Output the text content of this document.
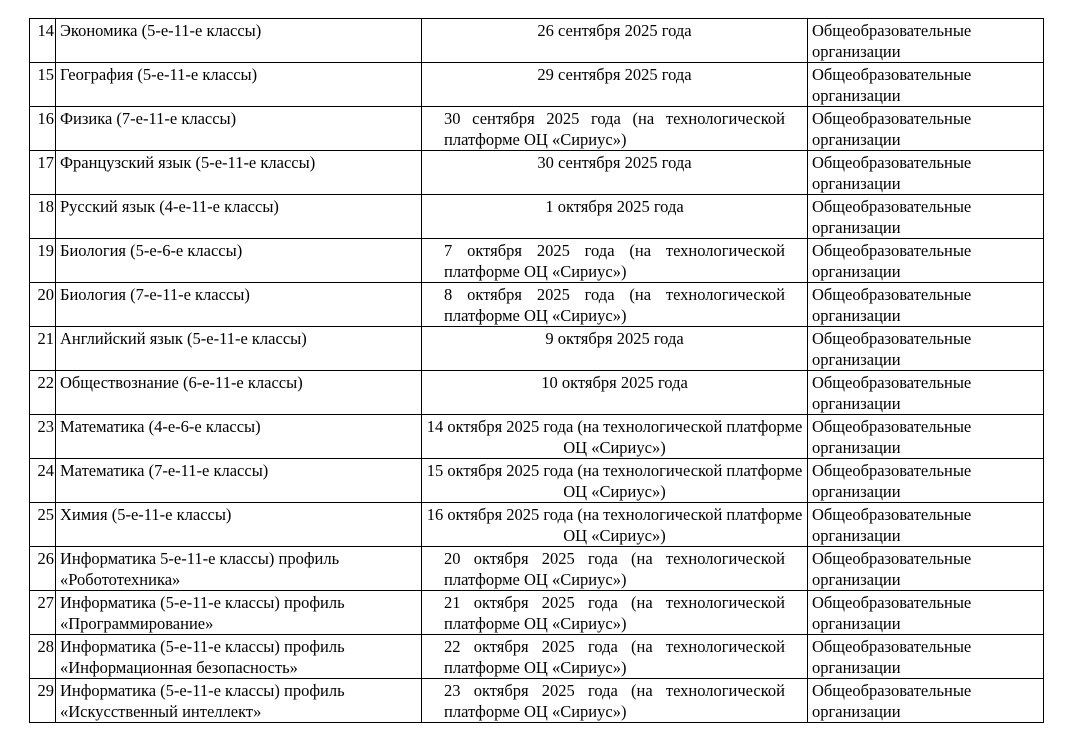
14	Экономика (5-е-11-е классы)	26 сентября 2025 года	Общеобразовательные организации
15	География (5-е-11-е классы)	29 сентября 2025 года	Общеобразовательные организации
16	Физика (7-е-11-е классы)	30 сентября 2025 года (на технологической платформе ОЦ «Сириус»)	Общеобразовательные организации
17	Французский язык (5-е-11-е классы)	30 сентября 2025 года	Общеобразовательные организации
18	Русский язык (4-е-11-е классы)	1 октября 2025 года	Общеобразовательные организации
19	Биология (5-е-6-е классы)	7 октября 2025 года (на технологической платформе ОЦ «Сириус»)	Общеобразовательные организации
20	Биология (7-е-11-е классы)	8 октября 2025 года (на технологической платформе ОЦ «Сириус»)	Общеобразовательные организации
21	Английский язык (5-е-11-е классы)	9 октября 2025 года	Общеобразовательные организации
22	Обществознание (6-е-11-е классы)	10 октября 2025 года	Общеобразовательные организации
23	Математика (4-е-6-е классы)	14 октября 2025 года (на технологической платформе ОЦ «Сириус»)	Общеобразовательные организации
24	Математика (7-е-11-е классы)	15 октября 2025 года (на технологической платформе ОЦ «Сириус»)	Общеобразовательные организации
25	Химия (5-е-11-е классы)	16 октября 2025 года (на технологической платформе ОЦ «Сириус»)	Общеобразовательные организации
26	Информатика 5-е-11-е классы) профиль «Робототехника»	20 октября 2025 года (на технологической платформе ОЦ «Сириус»)	Общеобразовательные организации
27	Информатика (5-е-11-е классы) профиль «Программирование»	21 октября 2025 года (на технологической платформе ОЦ «Сириус»)	Общеобразовательные организации
28	Информатика (5-е-11-е классы) профиль «Информационная безопасность»	22 октября 2025 года (на технологической платформе ОЦ «Сириус»)	Общеобразовательные организации
29	Информатика (5-е-11-е классы) профиль «Искусственный интеллект»	23 октября 2025 года (на технологической платформе ОЦ «Сириус»)	Общеобразовательные организации
